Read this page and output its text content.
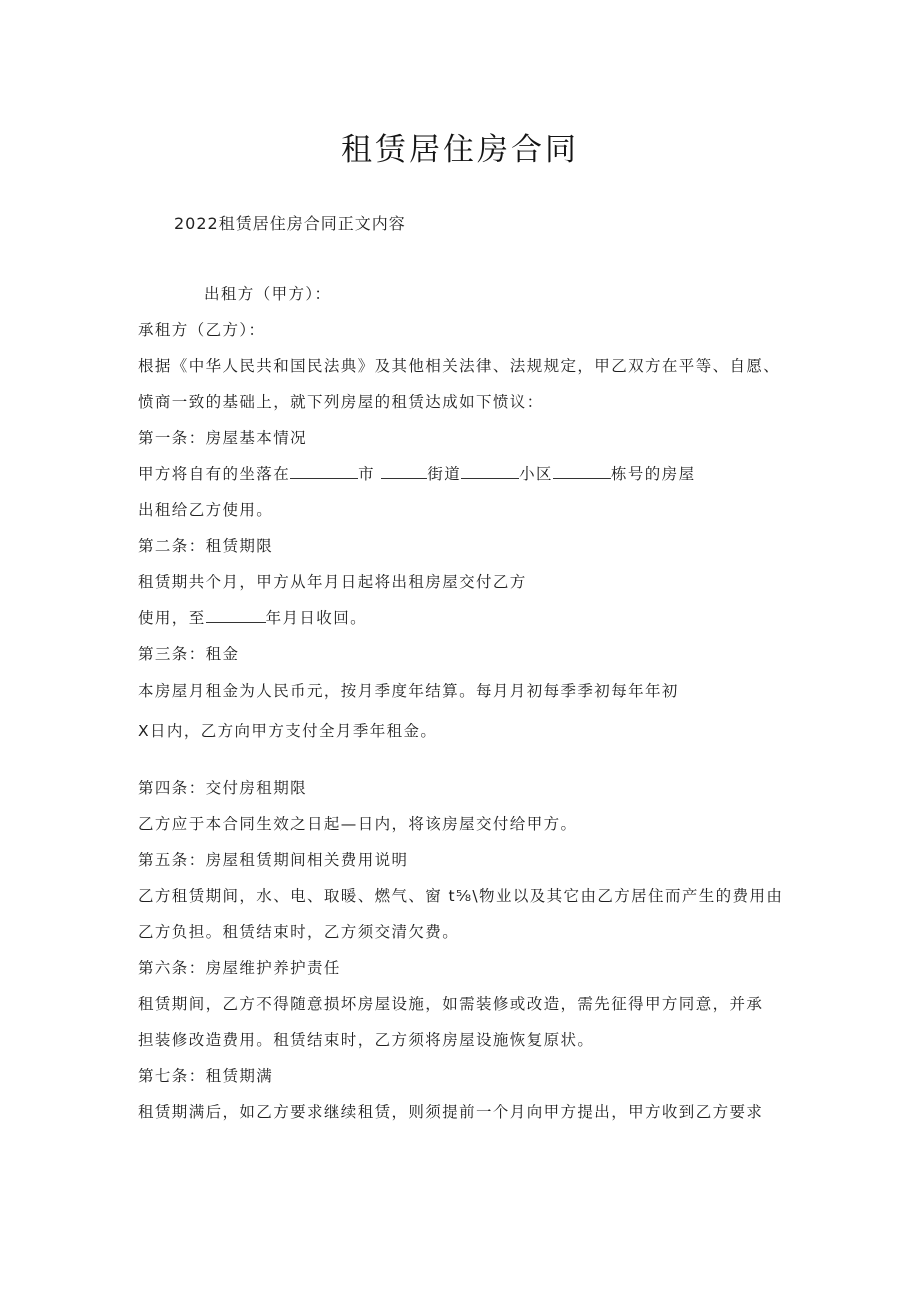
租赁居住房合同

2022租赁居住房合同正文内容

出租方（甲方）：
承租方（乙方）：
根据《中华人民共和国民法典》及其他相关法律、法规规定，甲乙双方在平等、自愿、
愤商一致的基础上，就下列房屋的租赁达成如下愤议：
第一条：房屋基本情况
甲方将自有的坐落在	市	街道	小区	栋号的房屋
出租给乙方使用。
第二条：租赁期限
租赁期共个月，甲方从年月日起将出租房屋交付乙方
使用，至	年月日收回。
第三条：租金
本房屋月租金为人民币元，按月季度年结算。每月月初每季季初每年年初
X日内，乙方向甲方支付全月季年租金。
第四条：交付房租期限
乙方应于本合同生效之日起—日内，将该房屋交付给甲方。
第五条：房屋租赁期间相关费用说明
乙方租赁期间，水、电、取暖、燃气、窗 t⅝\物业以及其它由乙方居住而产生的费用由
乙方负担。租赁结束时，乙方须交清欠费。
第六条：房屋维护养护责任
租赁期间，乙方不得随意损坏房屋设施，如需装修或改造，需先征得甲方同意，并承
担装修改造费用。租赁结束时，乙方须将房屋设施恢复原状。
第七条：租赁期满
租赁期满后，如乙方要求继续租赁，则须提前一个月向甲方提出，甲方收到乙方要求
